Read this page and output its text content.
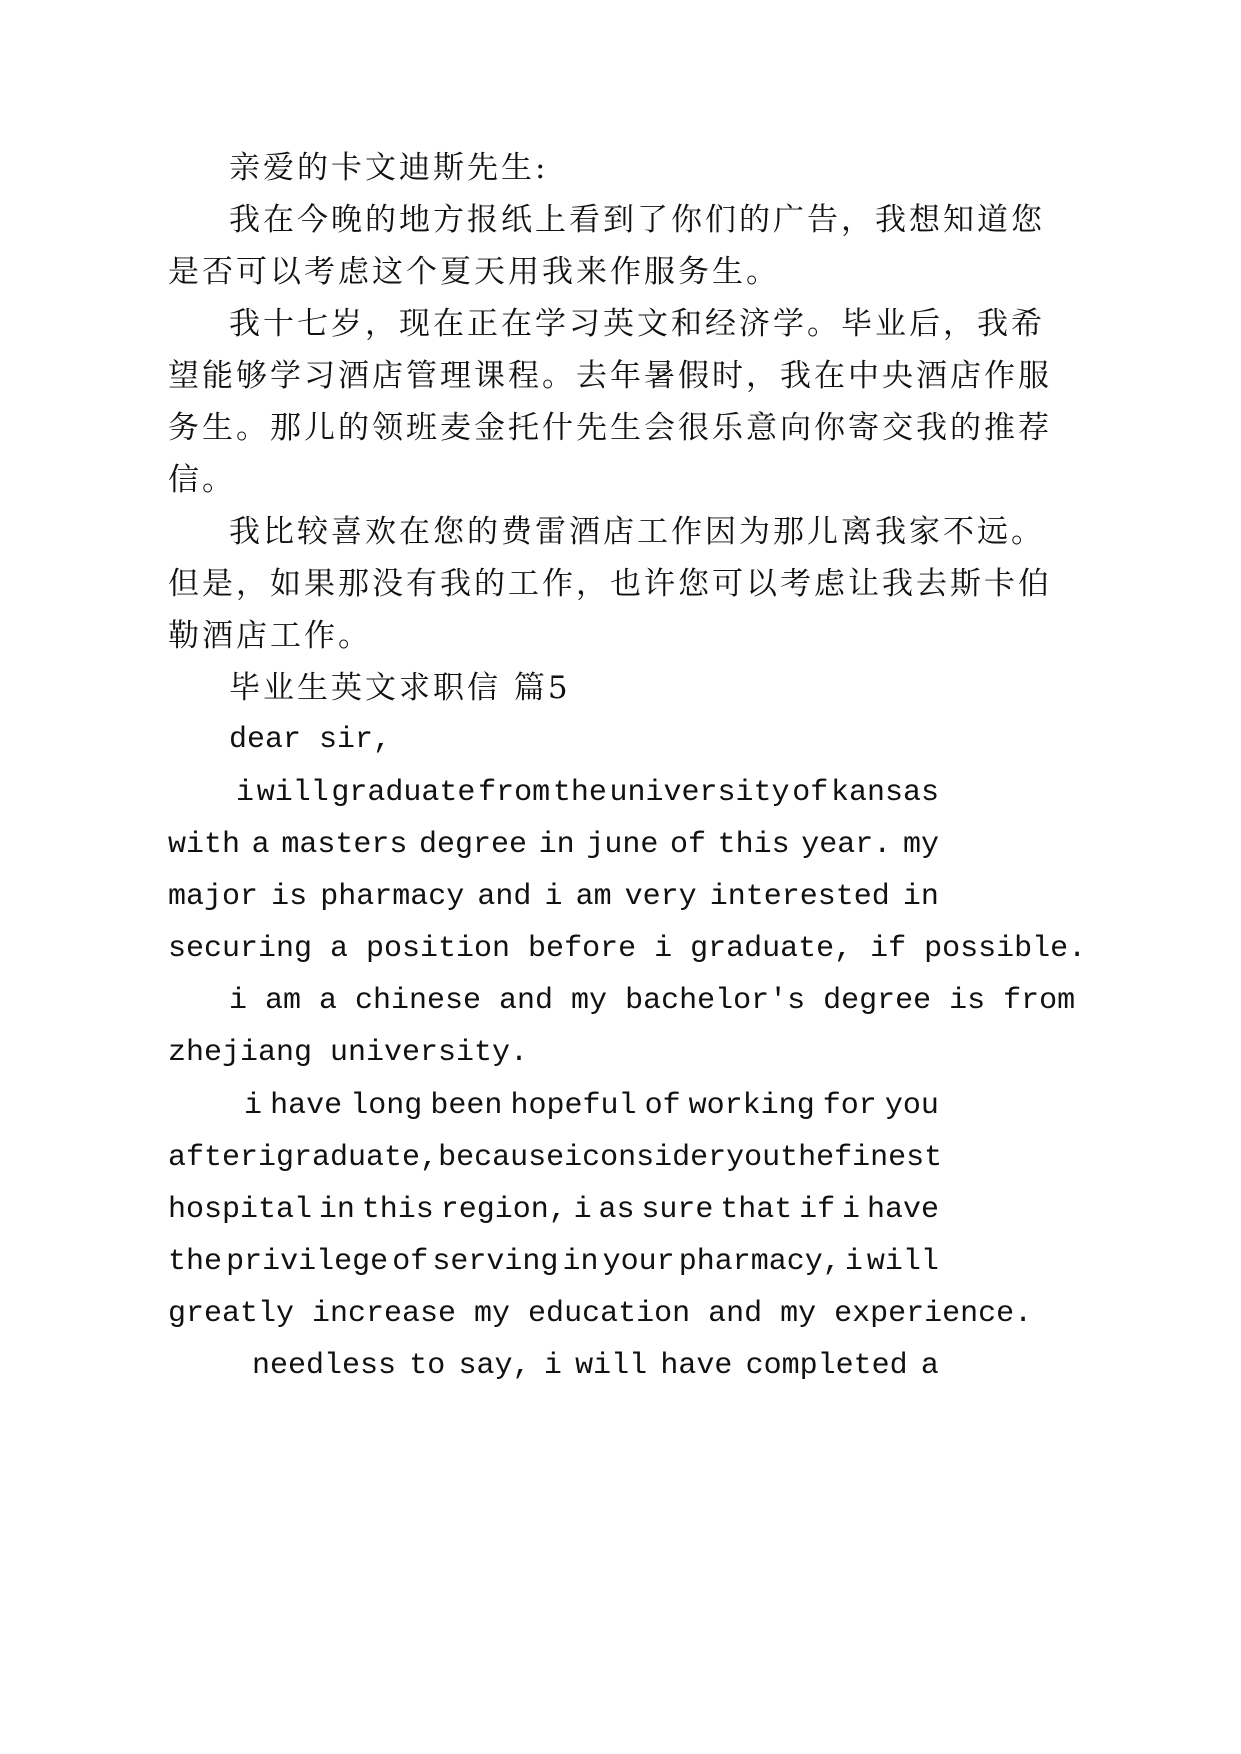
亲爱的卡文迪斯先生:

我在今晚的地方报纸上看到了你们的广告，我想知道您

是否可以考虑这个夏天用我来作服务生。

我十七岁，现在正在学习英文和经济学。毕业后，我希

望能够学习酒店管理课程。去年暑假时，我在中央酒店作服

务生。那儿的领班麦金托什先生会很乐意向你寄交我的推荐

信。

我比较喜欢在您的费雷酒店工作因为那儿离我家不远。

但是，如果那没有我的工作，也许您可以考虑让我去斯卡伯

勒酒店工作。

毕业生英文求职信 篇5

dear sir,

i will graduate from the university of kansas

with a masters degree in june of this year. my

major is pharmacy and i am very interested in

securing a position before i graduate, if possible.

i am a chinese and my bachelor's degree is from

zhejiang university.

i have long been hopeful of working for you

after i graduate, because i consider you the finest

hospital in this region, i as sure that if i have

the privilege of serving in your pharmacy, i will

greatly increase my education and my experience.

needless to say, i will have completed a
